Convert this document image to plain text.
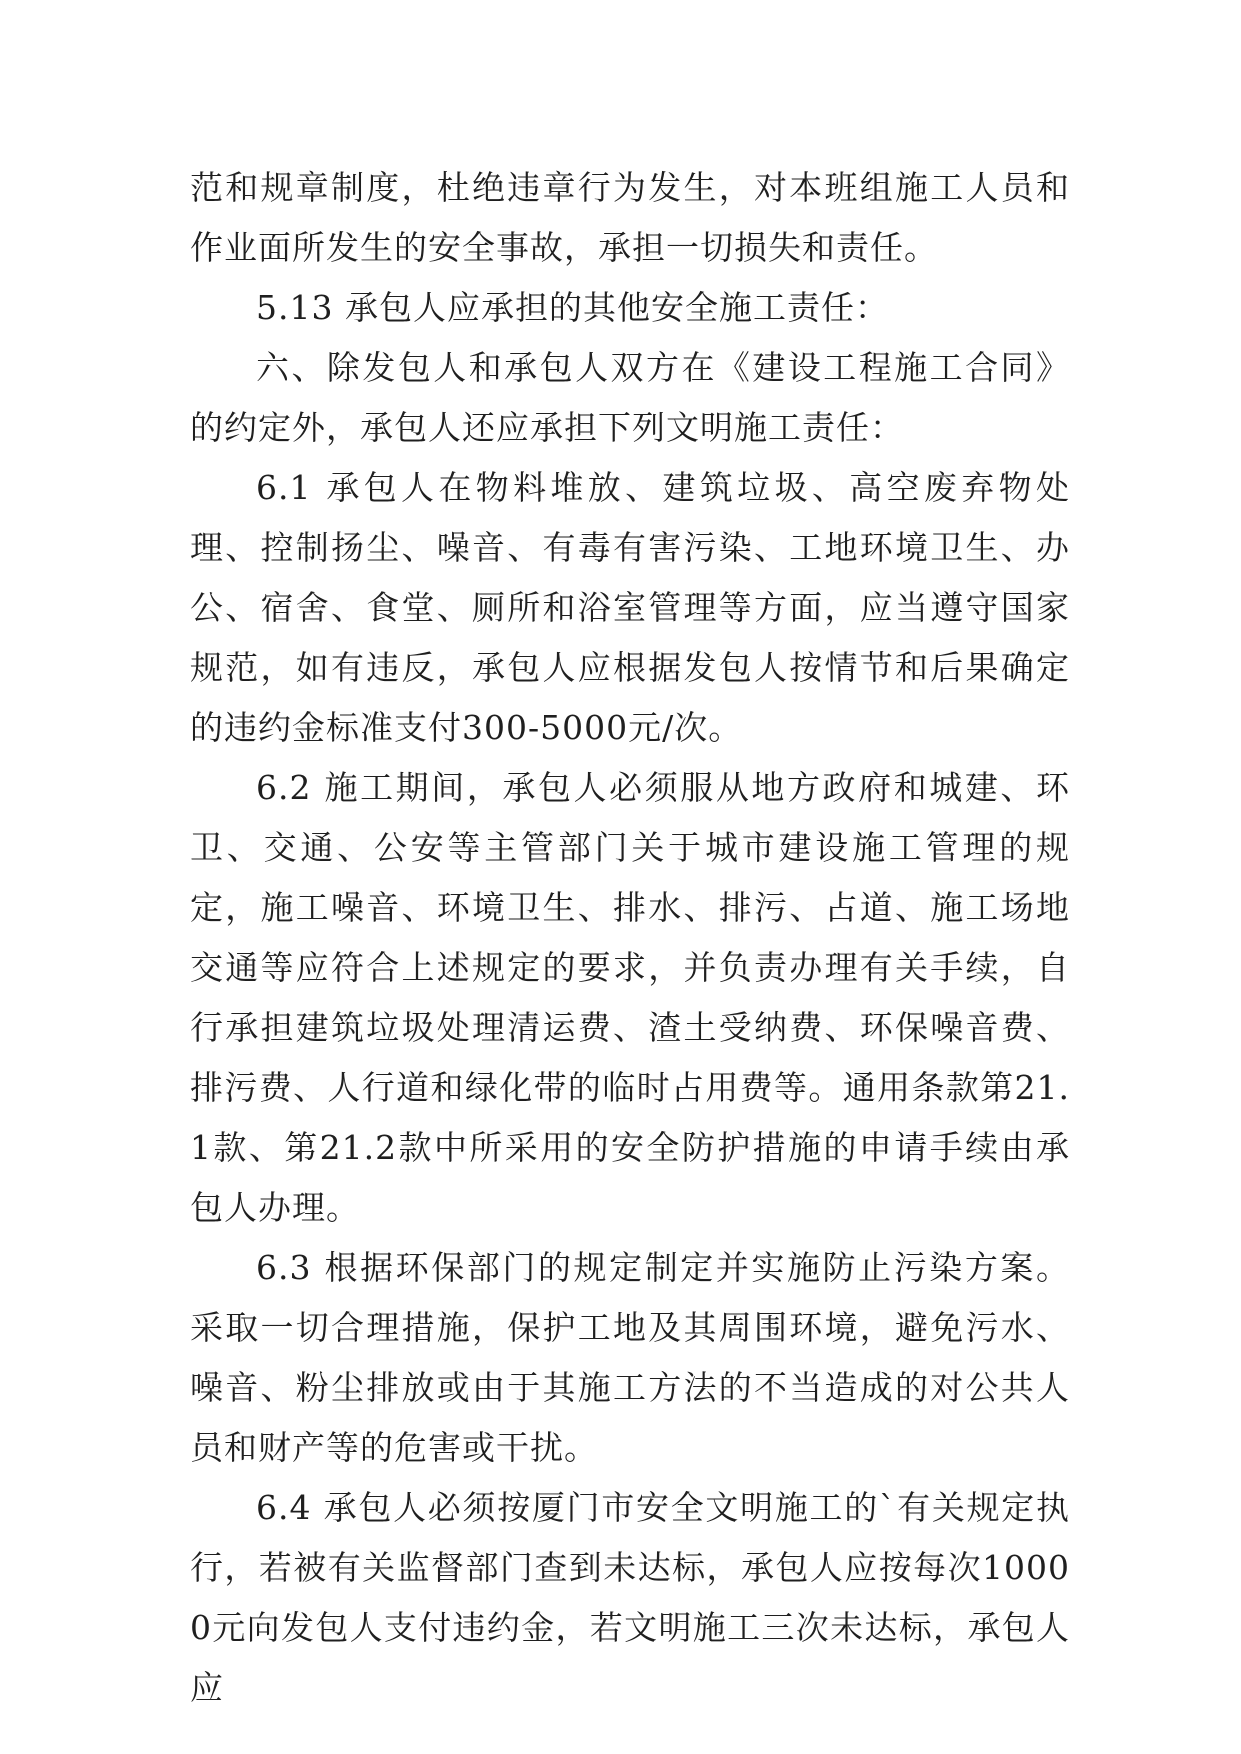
范和规章制度，杜绝违章行为发生，对本班组施工人员和作业面所发生的安全事故，承担一切损失和责任。

5.13 承包人应承担的其他安全施工责任：

六、除发包人和承包人双方在《建设工程施工合同》的约定外，承包人还应承担下列文明施工责任：

6.1 承包人在物料堆放、建筑垃圾、高空废弃物处理、控制扬尘、噪音、有毒有害污染、工地环境卫生、办公、宿舍、食堂、厕所和浴室管理等方面，应当遵守国家规范，如有违反，承包人应根据发包人按情节和后果确定的违约金标准支付300-5000元/次。

6.2 施工期间，承包人必须服从地方政府和城建、环卫、交通、公安等主管部门关于城市建设施工管理的规定，施工噪音、环境卫生、排水、排污、占道、施工场地交通等应符合上述规定的要求，并负责办理有关手续，自行承担建筑垃圾处理清运费、渣土受纳费、环保噪音费、排污费、人行道和绿化带的临时占用费等。通用条款第21.1款、第21.2款中所采用的安全防护措施的申请手续由承包人办理。

6.3 根据环保部门的规定制定并实施防止污染方案。采取一切合理措施，保护工地及其周围环境，避免污水、噪音、粉尘排放或由于其施工方法的不当造成的对公共人员和财产等的危害或干扰。

6.4 承包人必须按厦门市安全文明施工的`有关规定执行，若被有关监督部门查到未达标，承包人应按每次10000元向发包人支付违约金，若文明施工三次未达标，承包人应
